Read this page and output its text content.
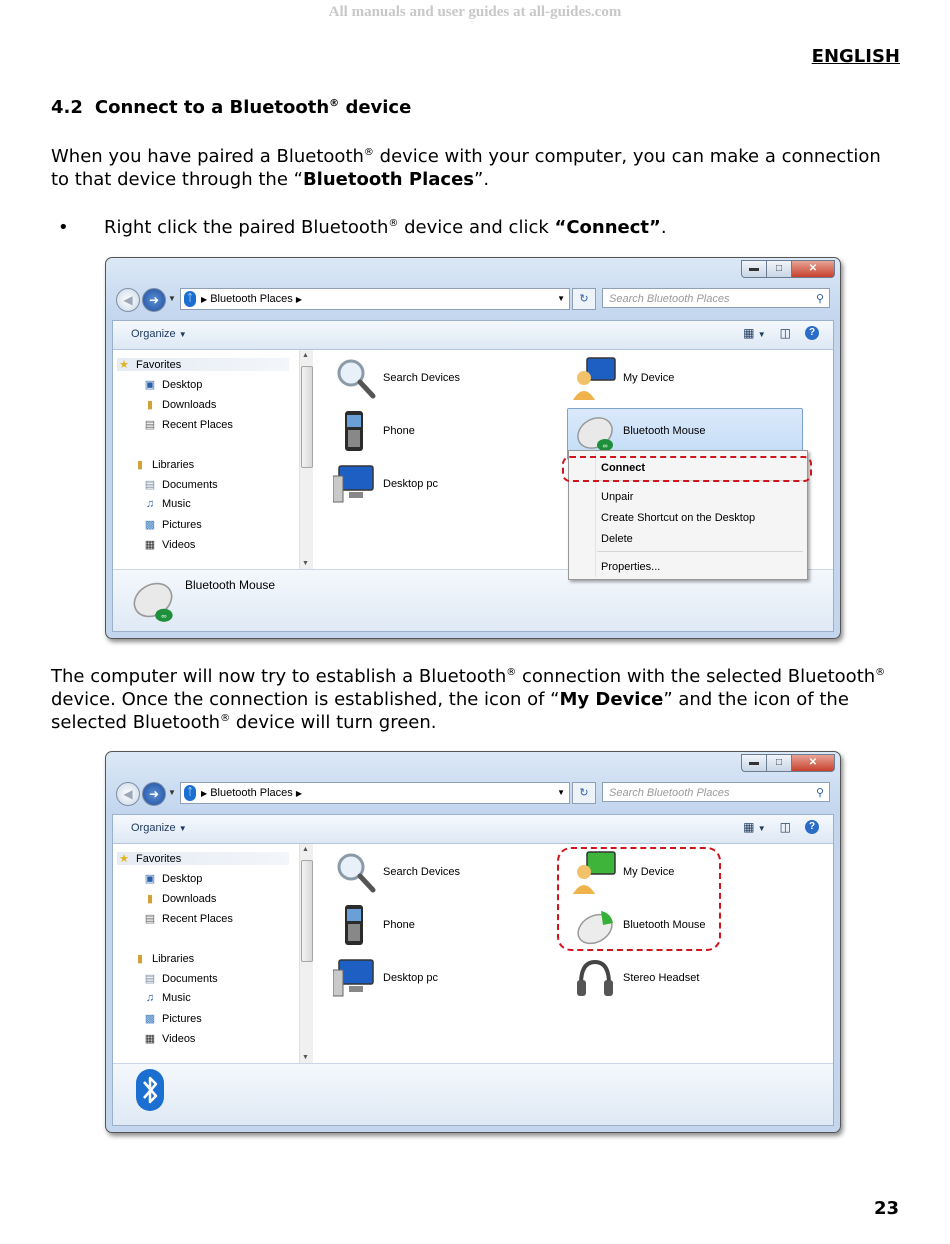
All manuals and user guides at all-guides.com
ENGLISH
4.2 Connect to a Bluetooth® device
When you have paired a Bluetooth® device with your computer, you can make a connection to that device through the “Bluetooth Places”.
• Right click the paired Bluetooth® device and click “Connect”.
▬	□	✕
◀	➜	▼	ᛏ	▶ Bluetooth Places ▶	▼	↻	Search Bluetooth Places	⚲
Organize ▼	▦ ▼ ◫	?
★ Favorites
▣ Desktop
▮ Downloads
▤ Recent Places
▮ Libraries
▤ Documents
♫ Music
▩ Pictures
▦ Videos
▲
▼
Search Devices
Phone
Desktop pc
My Device
∞
Bluetooth Mouse
∞
Bluetooth Mouse
Connect
Unpair
Create Shortcut on the Desktop
Delete
Properties...
The computer will now try to establish a Bluetooth® connection with the selected Bluetooth® device. Once the connection is established, the icon of “My Device” and the icon of the selected Bluetooth® device will turn green.
▬	□	✕
◀	➜	▼	ᛏ	▶ Bluetooth Places ▶	▼	↻	Search Bluetooth Places	⚲
Organize ▼	▦ ▼ ◫	?
★ Favorites
▣ Desktop
▮ Downloads
▤ Recent Places
▮ Libraries
▤ Documents
♫ Music
▩ Pictures
▦ Videos
▲
▼
Search Devices
Phone
Desktop pc
My Device
Bluetooth Mouse
Stereo Headset
23
